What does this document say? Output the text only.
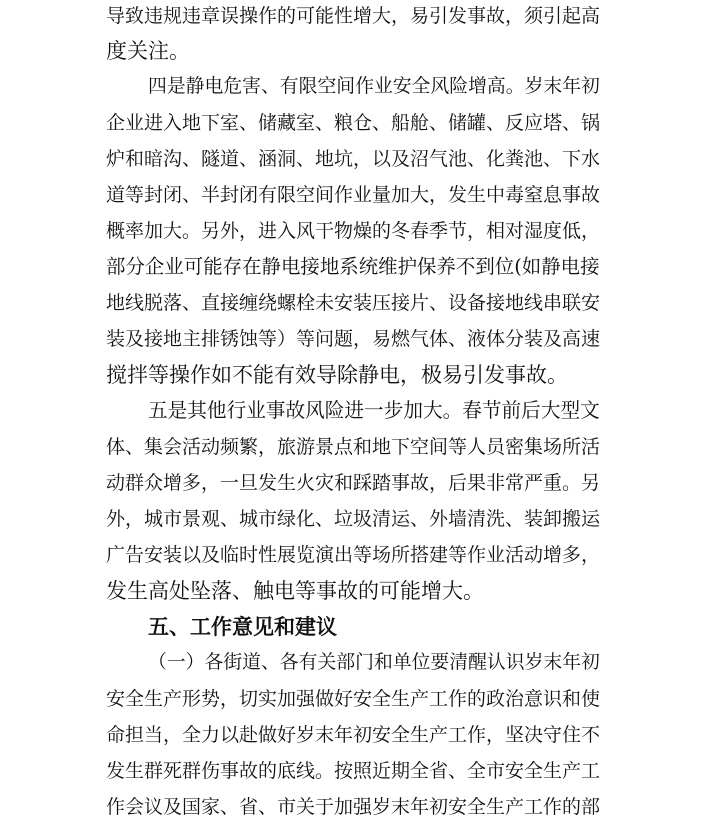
导致违规违章误操作的可能性增大，易引发事故，须引起高
度关注。
四是静电危害、有限空间作业安全风险增高。岁末年初
企业进入地下室、储藏室、粮仓、船舱、储罐、反应塔、锅
炉和暗沟、隧道、涵洞、地坑，以及沼气池、化粪池、下水
道等封闭、半封闭有限空间作业量加大，发生中毒窒息事故
概率加大。另外，进入风干物燥的冬春季节，相对湿度低，
部分企业可能存在静电接地系统维护保养不到位(如静电接
地线脱落、直接缠绕螺栓未安装压接片、设备接地线串联安
装及接地主排锈蚀等）等问题，易燃气体、液体分装及高速
搅拌等操作如不能有效导除静电，极易引发事故。
五是其他行业事故风险进一步加大。春节前后大型文
体、集会活动频繁，旅游景点和地下空间等人员密集场所活
动群众增多，一旦发生火灾和踩踏事故，后果非常严重。另
外，城市景观、城市绿化、垃圾清运、外墙清洗、装卸搬运
广告安装以及临时性展览演出等场所搭建等作业活动增多，
发生高处坠落、触电等事故的可能增大。
五、工作意见和建议
（一）各街道、各有关部门和单位要清醒认识岁末年初
安全生产形势，切实加强做好安全生产工作的政治意识和使
命担当，全力以赴做好岁末年初安全生产工作，坚决守住不
发生群死群伤事故的底线。按照近期全省、全市安全生产工
作会议及国家、省、市关于加强岁末年初安全生产工作的部
